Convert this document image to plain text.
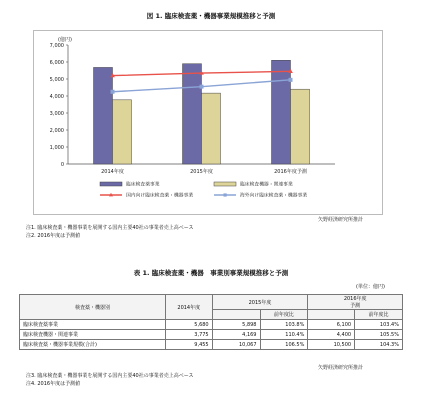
図 1. 臨床検査薬・機器事業規模推移と予測
0
1,000
2,000
3,000
4,000
5,000
6,000
7,000
(億円)
2014年度	2015年度	2016年度予測
臨床検査薬事業	臨床検査機器・関連事業
国内向け臨床検査薬・機器事業	海外向け臨床検査薬・機器事業
矢野経済研究所推計
注1. 臨床検査薬・機器事業を展開する国内主要40社の事業者売上高ベース
注2. 2016年度は予測値
表 1. 臨床検査薬・機器　事業別事業規模推移と予測
(単位：億円)
検査薬・機器別	2014年度	2015年度		2016年度
予測	
			前年度比		前年度比
臨床検査薬事業	5,680	5,898	103.8%	6,100	103.4%
臨床検査機器・関連事業	3,775	4,169	110.4%	4,400	105.5%
臨床検査薬・機器事業規模(合計)	9,455	10,067	106.5%	10,500	104.3%
矢野経済研究所推計
注3. 臨床検査薬・機器事業を展開する国内主要40社の事業者売上高ベース
注4. 2016年度は予測値
